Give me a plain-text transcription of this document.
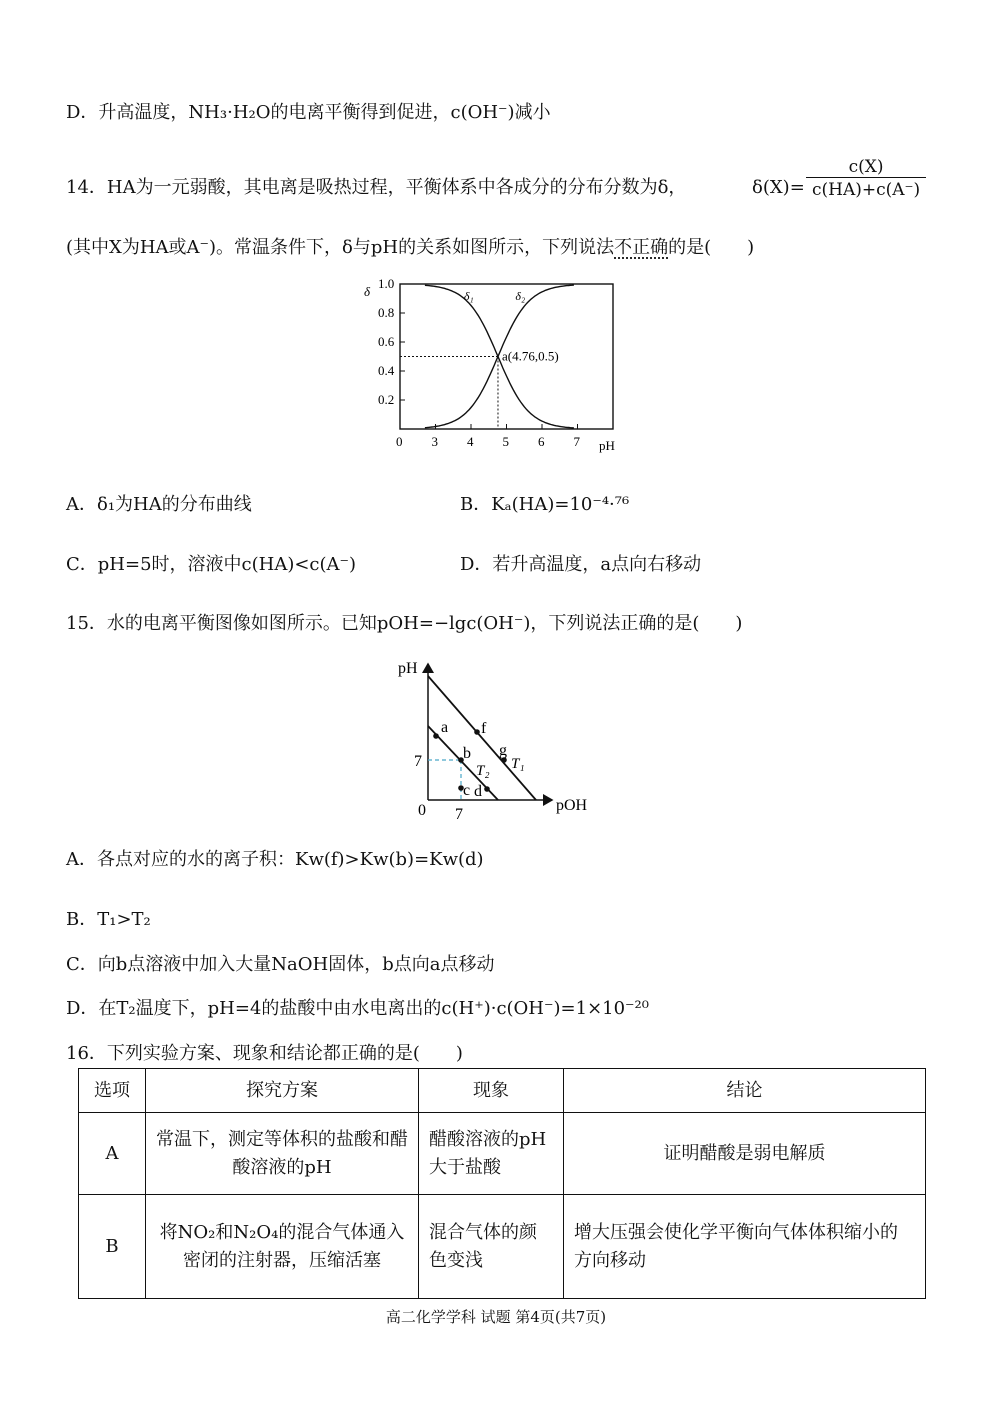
D．升高温度，NH₃·H₂O的电离平衡得到促进，c(OH⁻)减小
14．HA为一元弱酸，其电离是吸热过程，平衡体系中各成分的分布分数为δ，	$\delta(X)= \frac{c(X)}{c(HA)+c(A^-)}$
(其中X为HA或A⁻)。常温条件下，δ与pH的关系如图所示，下列说法不正确的是(　　)
0 3 4 5 6 7
0.2
0.4
0.6
0.8
1.0
a(4.76,0.5)
δ
pH
δ₁	δ₂
A．δ₁为HA的分布曲线	B．Kₐ(HA)=10⁻⁴·⁷⁶
C．pH=5时，溶液中c(HA)<c(A⁻)	D．若升高温度，a点向右移动
15．水的电离平衡图像如图所示。已知pOH=−lgc(OH⁻)，下列说法正确的是(　　)
pH
pOH
0
7
7
a f
b g
c d
T₁
T₂
A．各点对应的水的离子积：Kw(f)>Kw(b)=Kw(d)
B．T₁>T₂
C．向b点溶液中加入大量NaOH固体，b点向a点移动
D．在T₂温度下，pH=4的盐酸中由水电离出的c(H⁺)·c(OH⁻)=1×10⁻²⁰
16．下列实验方案、现象和结论都正确的是(　　)
选项	探究方案	现象	结论
A	常温下，测定等体积的盐酸和醋酸溶液的pH	醋酸溶液的pH大于盐酸	证明醋酸是弱电解质
B	将NO₂和N₂O₄的混合气体通入密闭的注射器，压缩活塞	混合气体的颜色变浅	增大压强会使化学平衡向气体体积缩小的方向移动
高二化学学科 试题 第4页(共7页)
